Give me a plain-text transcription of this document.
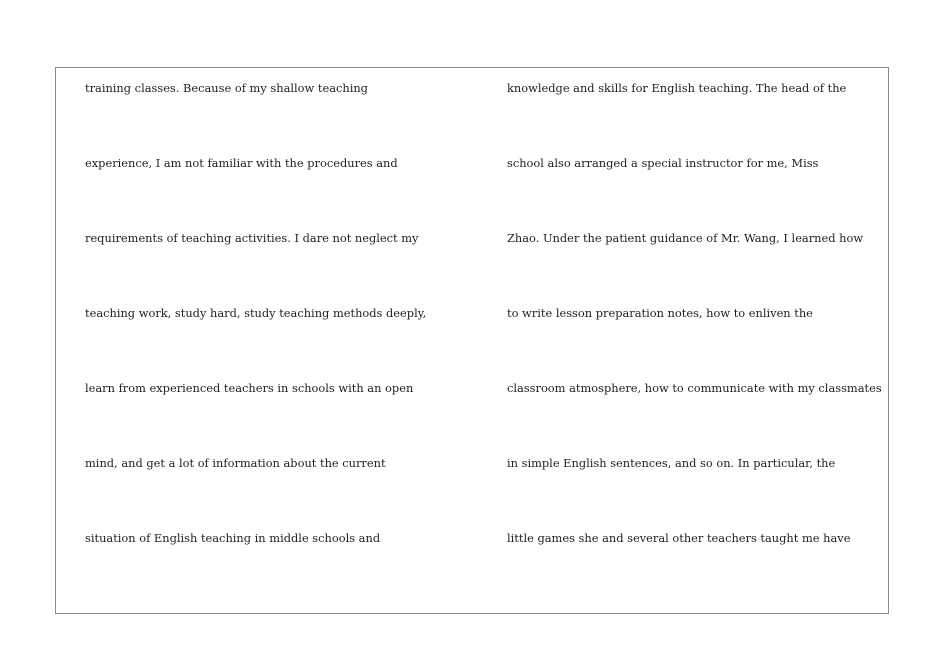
training classes. Because of my shallow teaching
experience, I am not familiar with the procedures and
requirements of teaching activities. I dare not neglect my
teaching work, study hard, study teaching methods deeply,
learn from experienced teachers in schools with an open
mind, and get a lot of information about the current
situation of English teaching in middle schools and
knowledge and skills for English teaching. The head of the
school also arranged a special instructor for me, Miss
Zhao. Under the patient guidance of Mr. Wang, I learned how
to write lesson preparation notes, how to enliven the
classroom atmosphere, how to communicate with my classmates
in simple English sentences, and so on. In particular, the
little games she and several other teachers taught me have
